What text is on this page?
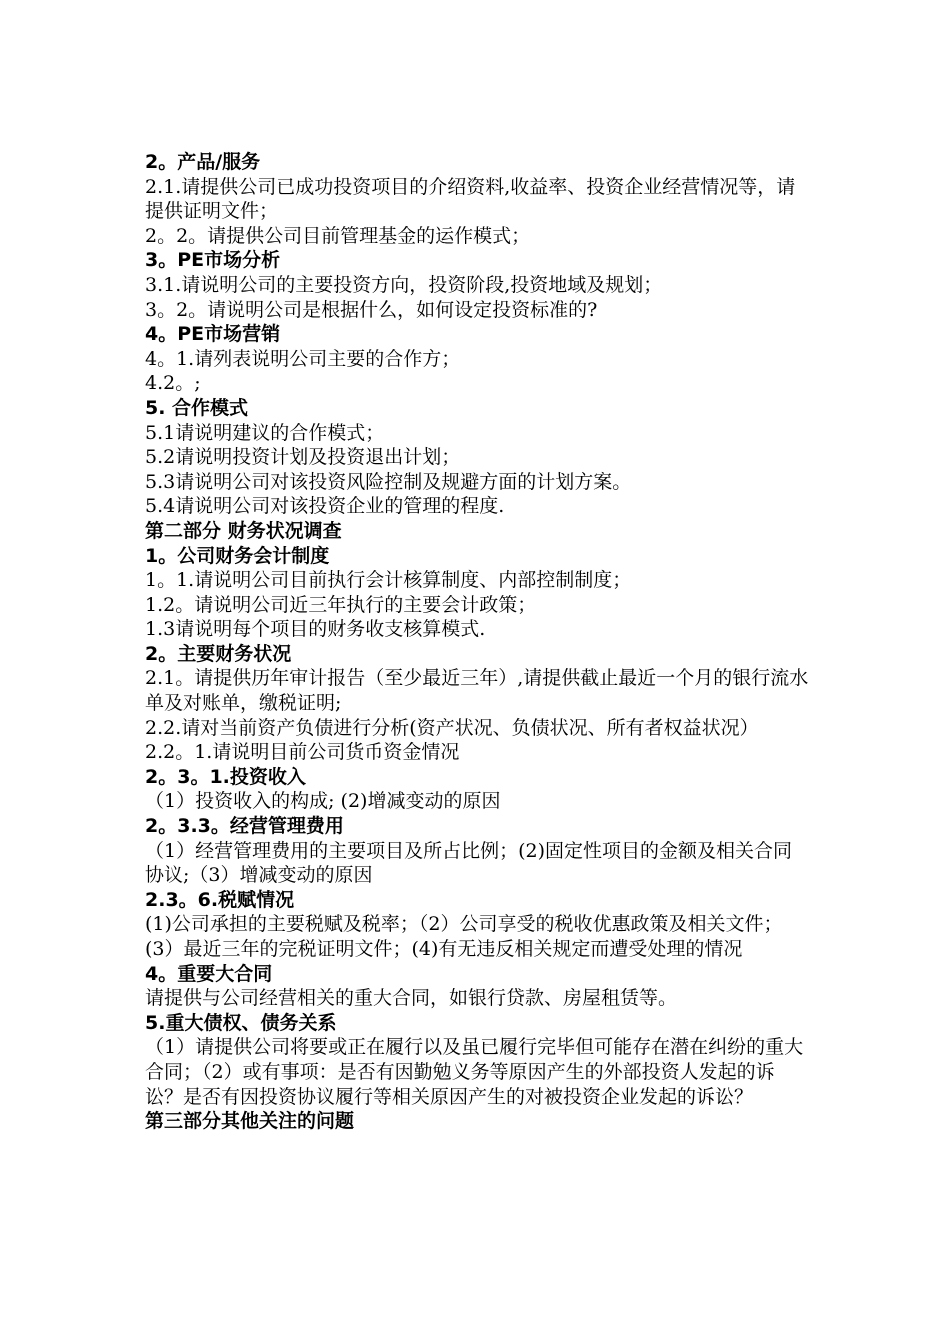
2。产品/服务
2.1.请提供公司已成功投资项目的介绍资料,收益率、投资企业经营情况等，请提供证明文件；
2。2。请提供公司目前管理基金的运作模式；
3。PE市场分析
3.1.请说明公司的主要投资方向，投资阶段,投资地域及规划；
3。2。请说明公司是根据什么，如何设定投资标准的?
4。PE市场营销
4。1.请列表说明公司主要的合作方；
4.2。;
5. 合作模式
5.1请说明建议的合作模式；
5.2请说明投资计划及投资退出计划；
5.3请说明公司对该投资风险控制及规避方面的计划方案。
5.4请说明公司对该投资企业的管理的程度.
第二部分 财务状况调查
1。公司财务会计制度
1。1.请说明公司目前执行会计核算制度、内部控制制度；
1.2。请说明公司近三年执行的主要会计政策；
1.3请说明每个项目的财务收支核算模式.
2。主要财务状况
2.1。请提供历年审计报告（至少最近三年）,请提供截止最近一个月的银行流水单及对账单，缴税证明;
2.2.请对当前资产负债进行分析(资产状况、负债状况、所有者权益状况）
2.2。1.请说明目前公司货币资金情况
2。3。1.投资收入
（1）投资收入的构成; (2)增减变动的原因
2。3.3。经营管理费用
（1）经营管理费用的主要项目及所占比例；(2)固定性项目的金额及相关合同协议;（3）增减变动的原因
2.3。6.税赋情况
(1)公司承担的主要税赋及税率；（2）公司享受的税收优惠政策及相关文件；(3）最近三年的完税证明文件；(4)有无违反相关规定而遭受处理的情况
4。重要大合同
请提供与公司经营相关的重大合同，如银行贷款、房屋租赁等。
5.重大债权、债务关系
（1）请提供公司将要或正在履行以及虽已履行完毕但可能存在潜在纠纷的重大合同；（2）或有事项：是否有因勤勉义务等原因产生的外部投资人发起的诉讼？是否有因投资协议履行等相关原因产生的对被投资企业发起的诉讼？
第三部分其他关注的问题
